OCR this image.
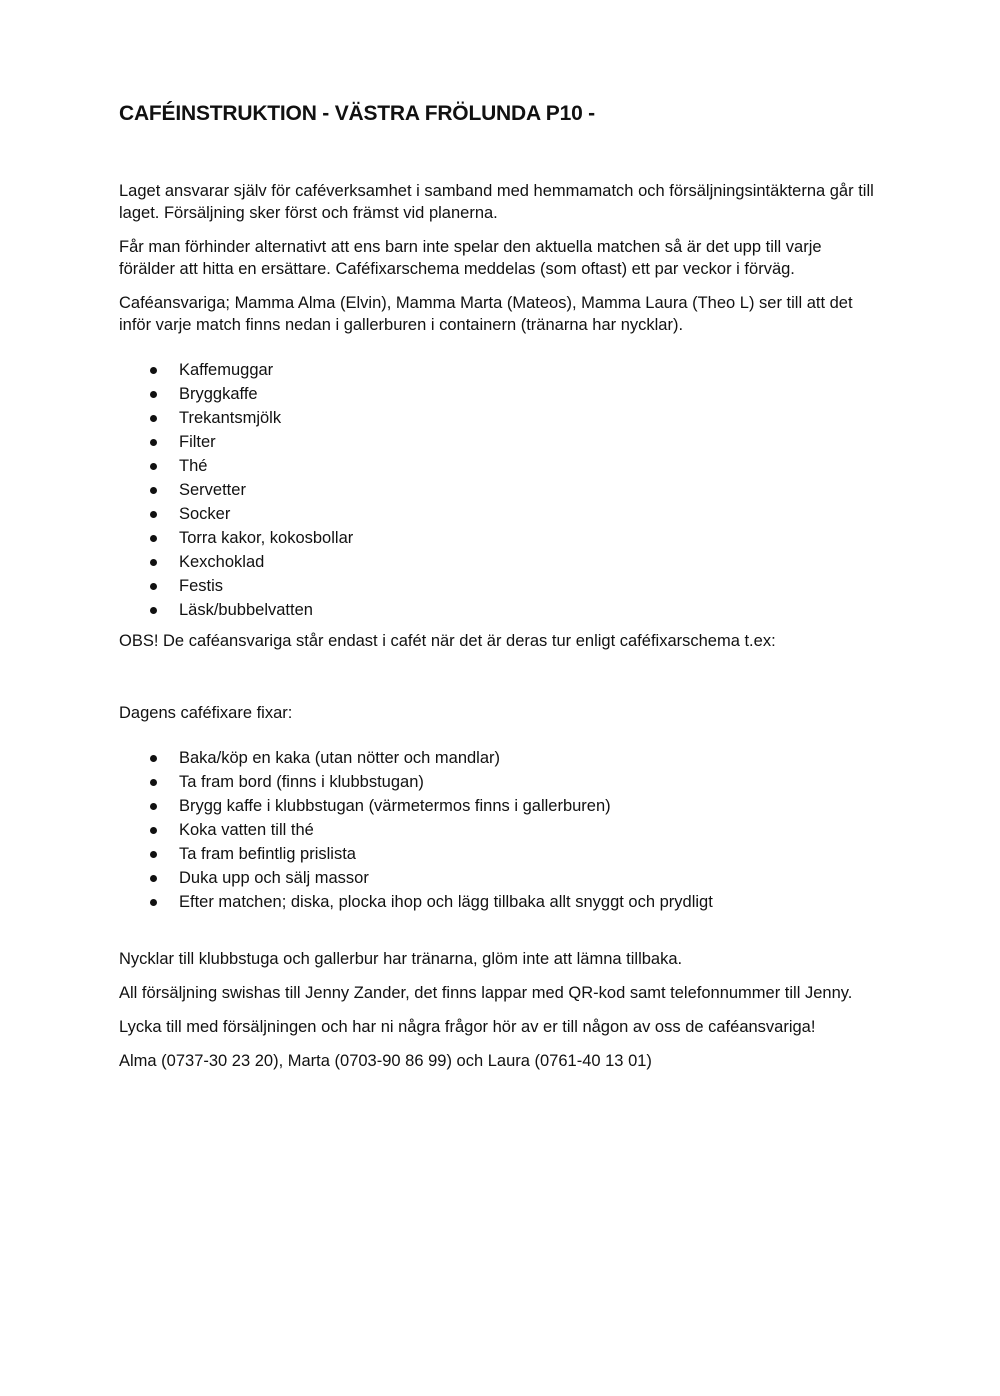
CAFÉINSTRUKTION - VÄSTRA FRÖLUNDA P10 -

Laget ansvarar själv för caféverksamhet i samband med hemmamatch och försäljningsintäkterna går till laget. Försäljning sker först och främst vid planerna.

Får man förhinder alternativt att ens barn inte spelar den aktuella matchen så är det upp till varje förälder att hitta en ersättare. Caféfixarschema meddelas (som oftast) ett par veckor i förväg.

Caféansvariga; Mamma Alma (Elvin), Mamma Marta (Mateos), Mamma Laura (Theo L) ser till att det inför varje match finns nedan i gallerburen i containern (tränarna har nycklar).

Kaffemuggar
Bryggkaffe
Trekantsmjölk
Filter
Thé
Servetter
Socker
Torra kakor, kokosbollar
Kexchoklad
Festis
Läsk/bubbelvatten

OBS! De caféansvariga står endast i cafét när det är deras tur enligt caféfixarschema t.ex:

Dagens caféfixare fixar:

Baka/köp en kaka (utan nötter och mandlar)
Ta fram bord (finns i klubbstugan)
Brygg kaffe i klubbstugan (värmetermos finns i gallerburen)
Koka vatten till thé
Ta fram befintlig prislista
Duka upp och sälj massor
Efter matchen; diska, plocka ihop och lägg tillbaka allt snyggt och prydligt

Nycklar till klubbstuga och gallerbur har tränarna, glöm inte att lämna tillbaka.

All försäljning swishas till Jenny Zander, det finns lappar med QR-kod samt telefonnummer till Jenny.

Lycka till med försäljningen och har ni några frågor hör av er till någon av oss de caféansvariga!

Alma (0737-30 23 20), Marta (0703-90 86 99) och Laura (0761-40 13 01)
